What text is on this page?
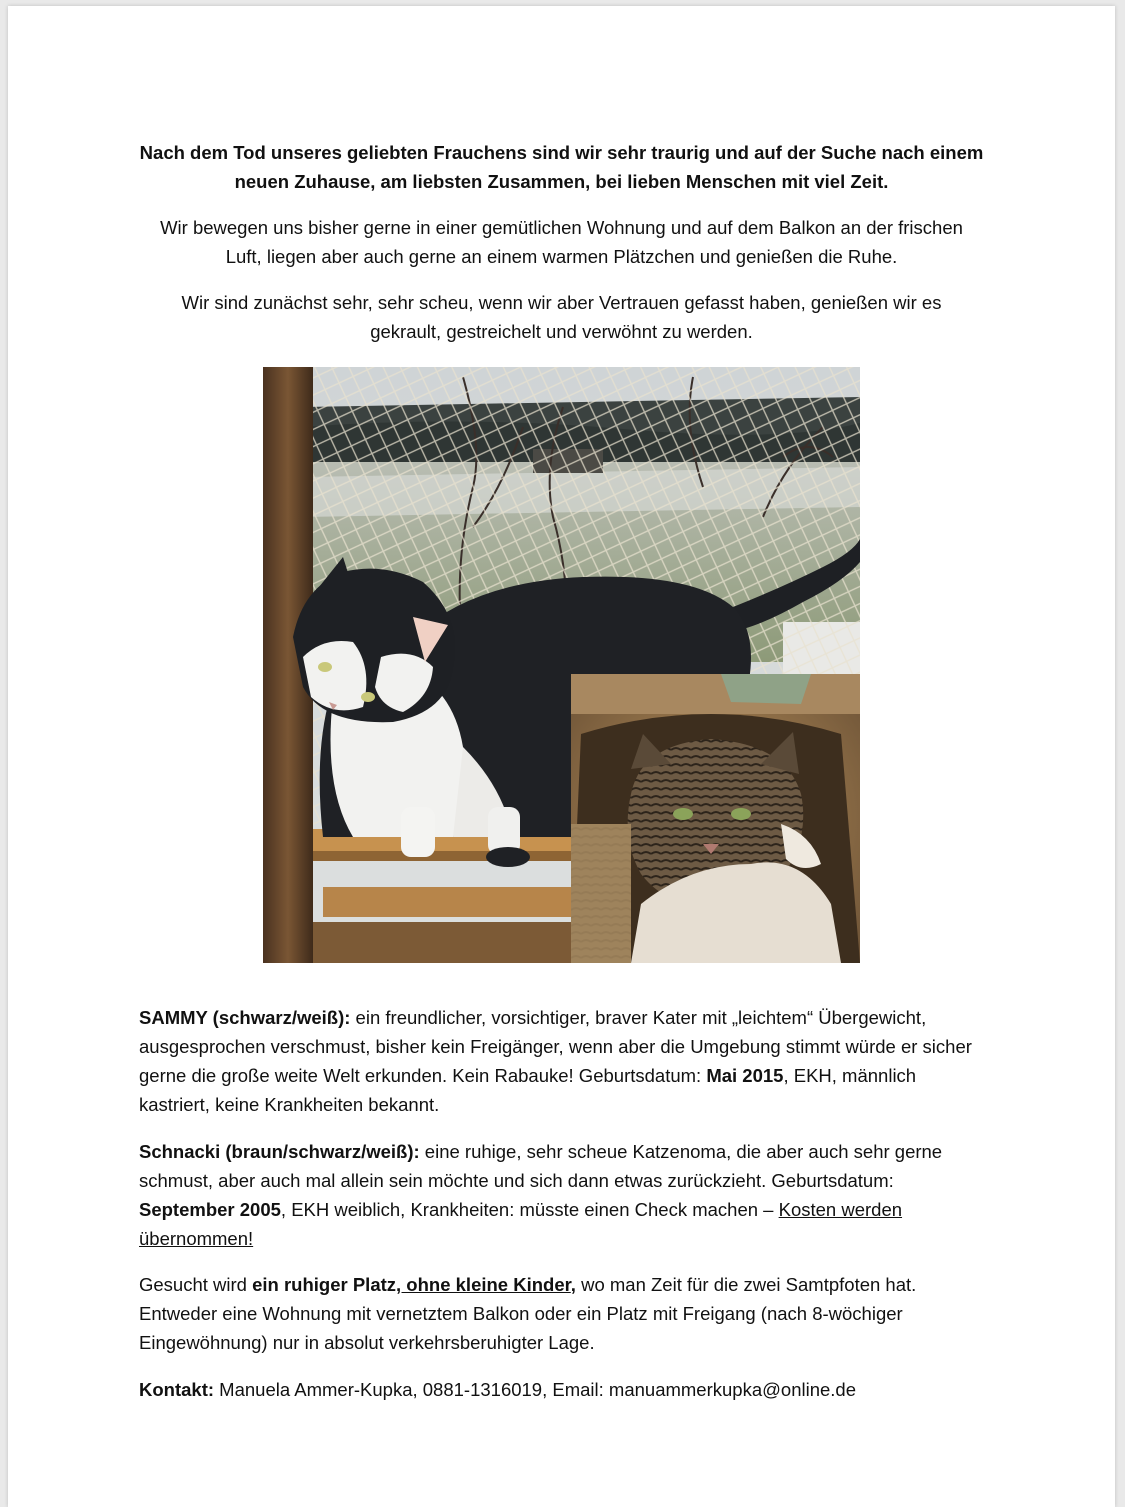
Nach dem Tod unseres geliebten Frauchens sind wir sehr traurig und auf der Suche nach einem
neuen Zuhause, am liebsten Zusammen, bei lieben Menschen mit viel Zeit.
Wir bewegen uns bisher gerne in einer gemütlichen Wohnung und auf dem Balkon an der frischen
Luft, liegen aber auch gerne an einem warmen Plätzchen und genießen die Ruhe.
Wir sind zunächst sehr, sehr scheu, wenn wir aber Vertrauen gefasst haben, genießen wir es
gekrault, gestreichelt und verwöhnt zu werden.
SAMMY (schwarz/weiß): ein freundlicher, vorsichtiger, braver Kater mit „leichtem“ Übergewicht,
ausgesprochen verschmust, bisher kein Freigänger, wenn aber die Umgebung stimmt würde er sicher
gerne die große weite Welt erkunden. Kein Rabauke! Geburtsdatum: Mai 2015, EKH, männlich
kastriert, keine Krankheiten bekannt.
Schnacki (braun/schwarz/weiß): eine ruhige, sehr scheue Katzenoma, die aber auch sehr gerne
schmust, aber auch mal allein sein möchte und sich dann etwas zurückzieht. Geburtsdatum:
September 2005, EKH weiblich, Krankheiten: müsste einen Check machen – Kosten werden
übernommen!
Gesucht wird ein ruhiger Platz, ohne kleine Kinder, wo man Zeit für die zwei Samtpfoten hat.
Entweder eine Wohnung mit vernetztem Balkon oder ein Platz mit Freigang (nach 8-wöchiger
Eingewöhnung) nur in absolut verkehrsberuhigter Lage.
Kontakt: Manuela Ammer-Kupka, 0881-1316019, Email: manuammerkupka@online.de
